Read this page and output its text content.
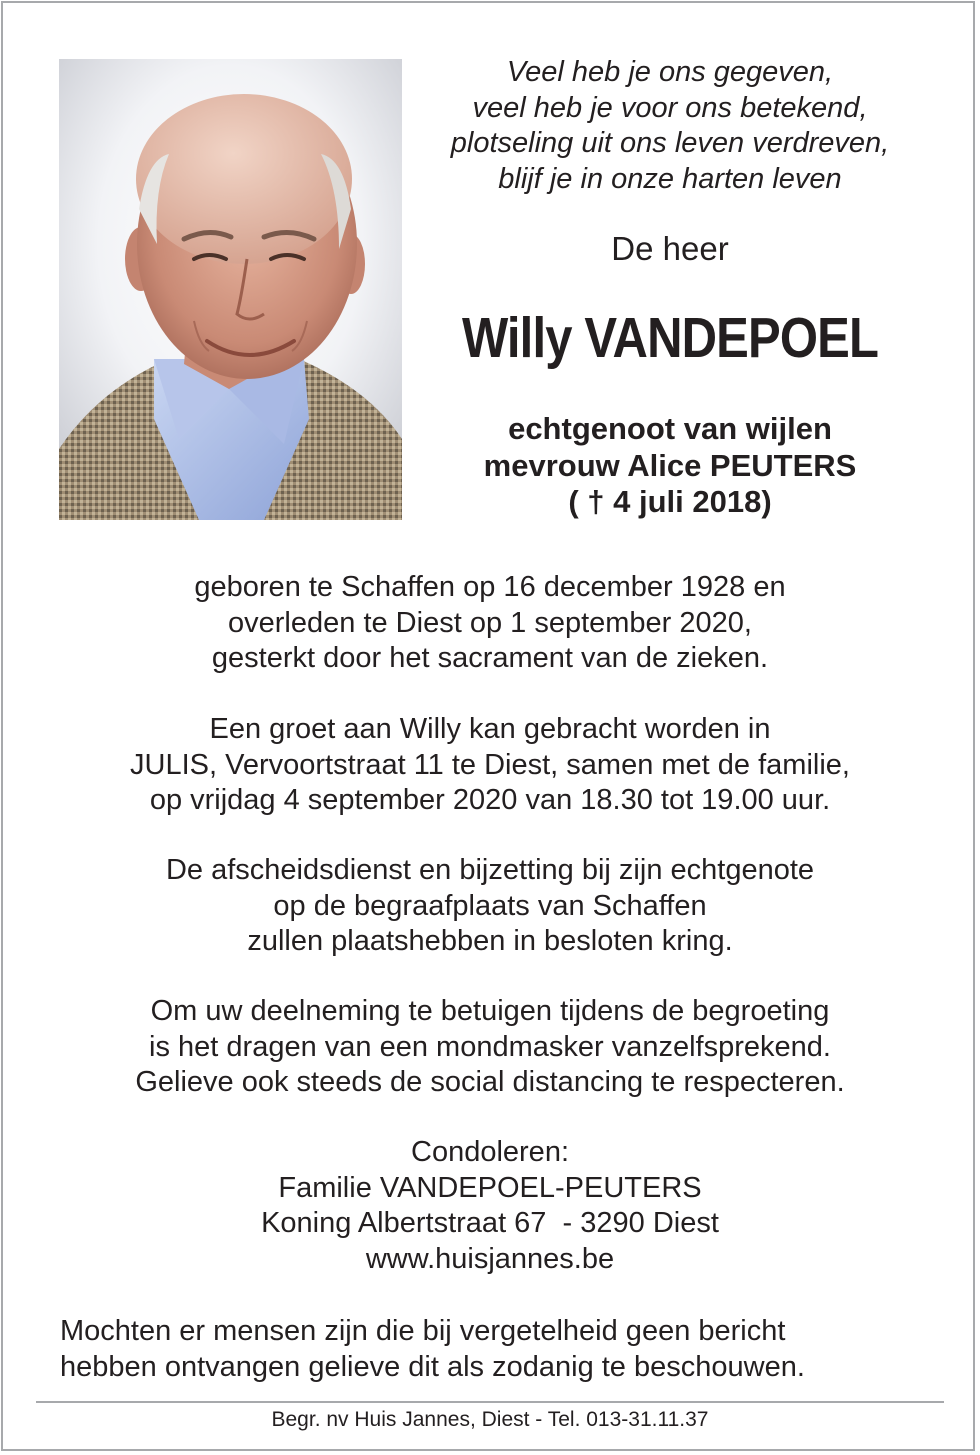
Veel heb je ons gegeven,
veel heb je voor ons betekend,
plotseling uit ons leven verdreven,
blijf je in onze harten leven
De heer
Willy VANDEPOEL
echtgenoot van wijlen
mevrouw Alice PEUTERS
( † 4 juli 2018)
geboren te Schaffen op 16 december 1928 en
overleden te Diest op 1 september 2020,
gesterkt door het sacrament van de zieken.
Een groet aan Willy kan gebracht worden in
JULIS, Vervoortstraat 11 te Diest, samen met de familie,
op vrijdag 4 september 2020 van 18.30 tot 19.00 uur.
De afscheidsdienst en bijzetting bij zijn echtgenote
op de begraafplaats van Schaffen
zullen plaatshebben in besloten kring.
Om uw deelneming te betuigen tijdens de begroeting
is het dragen van een mondmasker vanzelfsprekend.
Gelieve ook steeds de social distancing te respecteren.
Condoleren:
Familie VANDEPOEL-PEUTERS
Koning Albertstraat 67  - 3290 Diest
www.huisjannes.be
Mochten er mensen zijn die bij vergetelheid geen bericht
hebben ontvangen gelieve dit als zodanig te beschouwen.
Begr. nv Huis Jannes, Diest - Tel. 013-31.11.37
